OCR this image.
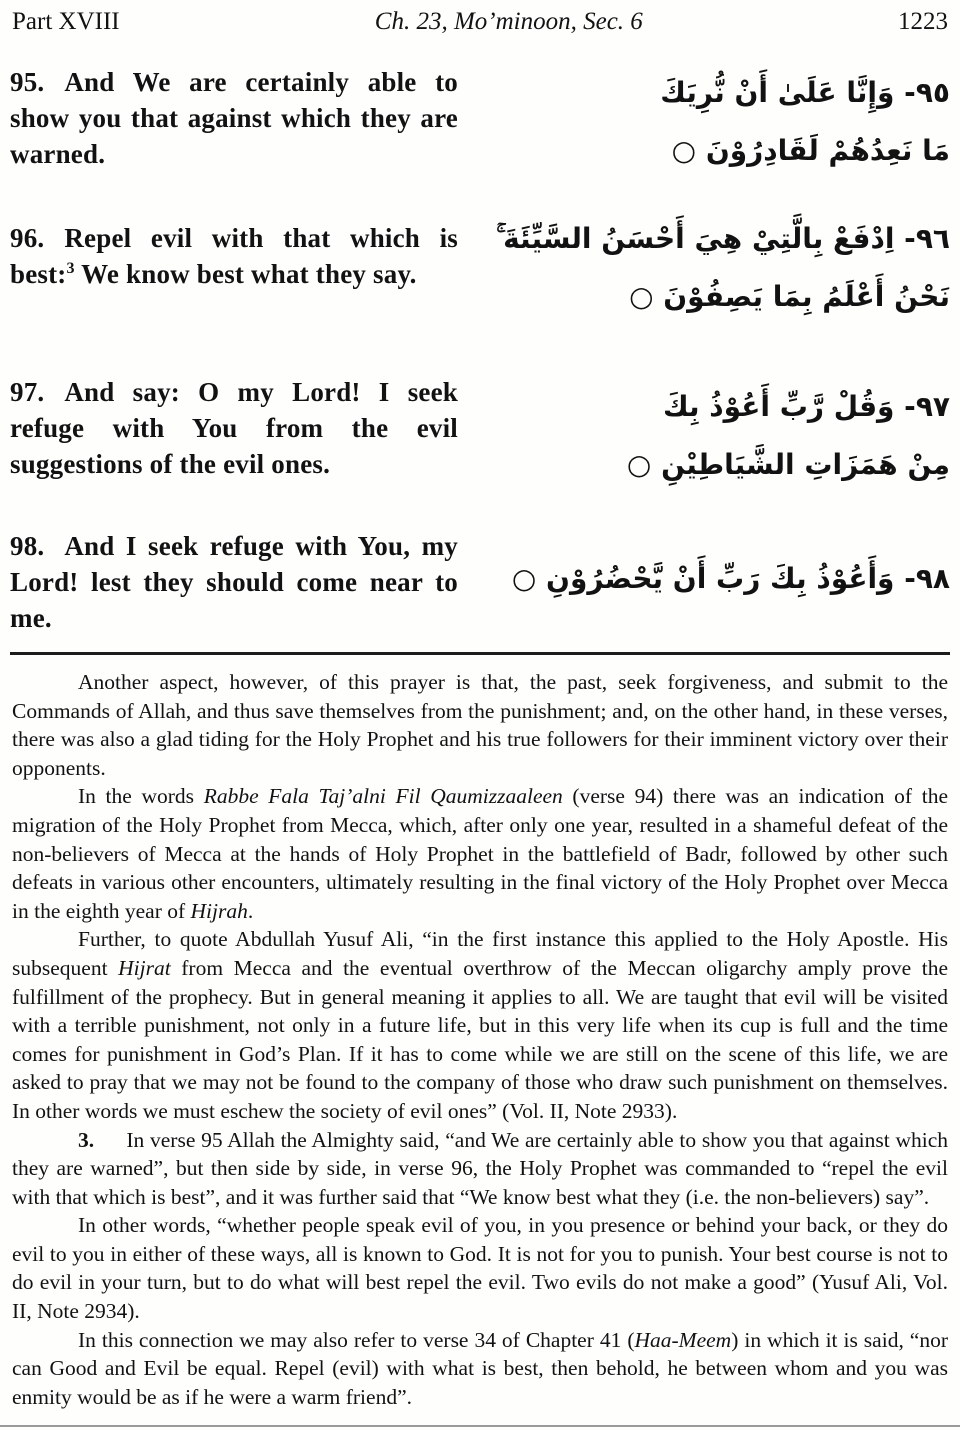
Part XVIII	Ch. 23, Mo’minoon, Sec. 6	1223

95. And We are certainly able to show you that against which they are warned.

٩٥- وَإِنَّا عَلَىٰ أَنْ نُّرِيَكَ
مَا نَعِدُهُمْ لَقَادِرُوْنَ ○

96. Repel evil with that which is best:$^3$ We know best what they say.

٩٦- اِدْفَعْ بِالَّتِيْ هِيَ أَحْسَنُ السَّيِّئَةَ ۚ
نَحْنُ أَعْلَمُ بِمَا يَصِفُوْنَ ○

97. And say: O my Lord! I seek refuge with You from the evil suggestions of the evil ones.

٩٧- وَقُلْ رَّبِّ أَعُوْذُ بِكَ
مِنْ هَمَزَاتِ الشَّيَاطِيْنِ ○

98. And I seek refuge with You, my Lord! lest they should come near to me.

٩٨- وَأَعُوْذُ بِكَ رَبِّ أَنْ يَّحْضُرُوْنِ ○

Another aspect, however, of this prayer is that, the past, seek forgiveness, and submit to the Commands of Allah, and thus save themselves from the punishment; and, on the other hand, in these verses, there was also a glad tiding for the Holy Prophet and his true followers for their imminent victory over their opponents.

In the words Rabbe Fala Taj’alni Fil Qaumizzaaleen (verse 94) there was an indication of the migration of the Holy Prophet from Mecca, which, after only one year, resulted in a shameful defeat of the non-believers of Mecca at the hands of Holy Prophet in the battlefield of Badr, followed by other such defeats in various other encounters, ultimately resulting in the final victory of the Holy Prophet over Mecca in the eighth year of Hijrah.

Further, to quote Abdullah Yusuf Ali, “in the first instance this applied to the Holy Apostle. His subsequent Hijrat from Mecca and the eventual overthrow of the Meccan oligarchy amply prove the fulfillment of the prophecy. But in general meaning it applies to all. We are taught that evil will be visited with a terrible punishment, not only in a future life, but in this very life when its cup is full and the time comes for punishment in God’s Plan. If it has to come while we are still on the scene of this life, we are asked to pray that we may not be found to the company of those who draw such punishment on themselves. In other words we must eschew the society of evil ones” (Vol. II, Note 2933).

3.  In verse 95 Allah the Almighty said, “and We are certainly able to show you that against which they are warned”, but then side by side, in verse 96, the Holy Prophet was commanded to “repel the evil with that which is best”, and it was further said that “We know best what they (i.e. the non-believers) say”.

In other words, “whether people speak evil of you, in you presence or behind your back, or they do evil to you in either of these ways, all is known to God. It is not for you to punish. Your best course is not to do evil in your turn, but to do what will best repel the evil. Two evils do not make a good” (Yusuf Ali, Vol. II, Note 2934).

In this connection we may also refer to verse 34 of Chapter 41 (Haa-Meem) in which it is said, “nor can Good and Evil be equal. Repel (evil) with what is best, then behold, he between whom and you was enmity would be as if he were a warm friend”.
